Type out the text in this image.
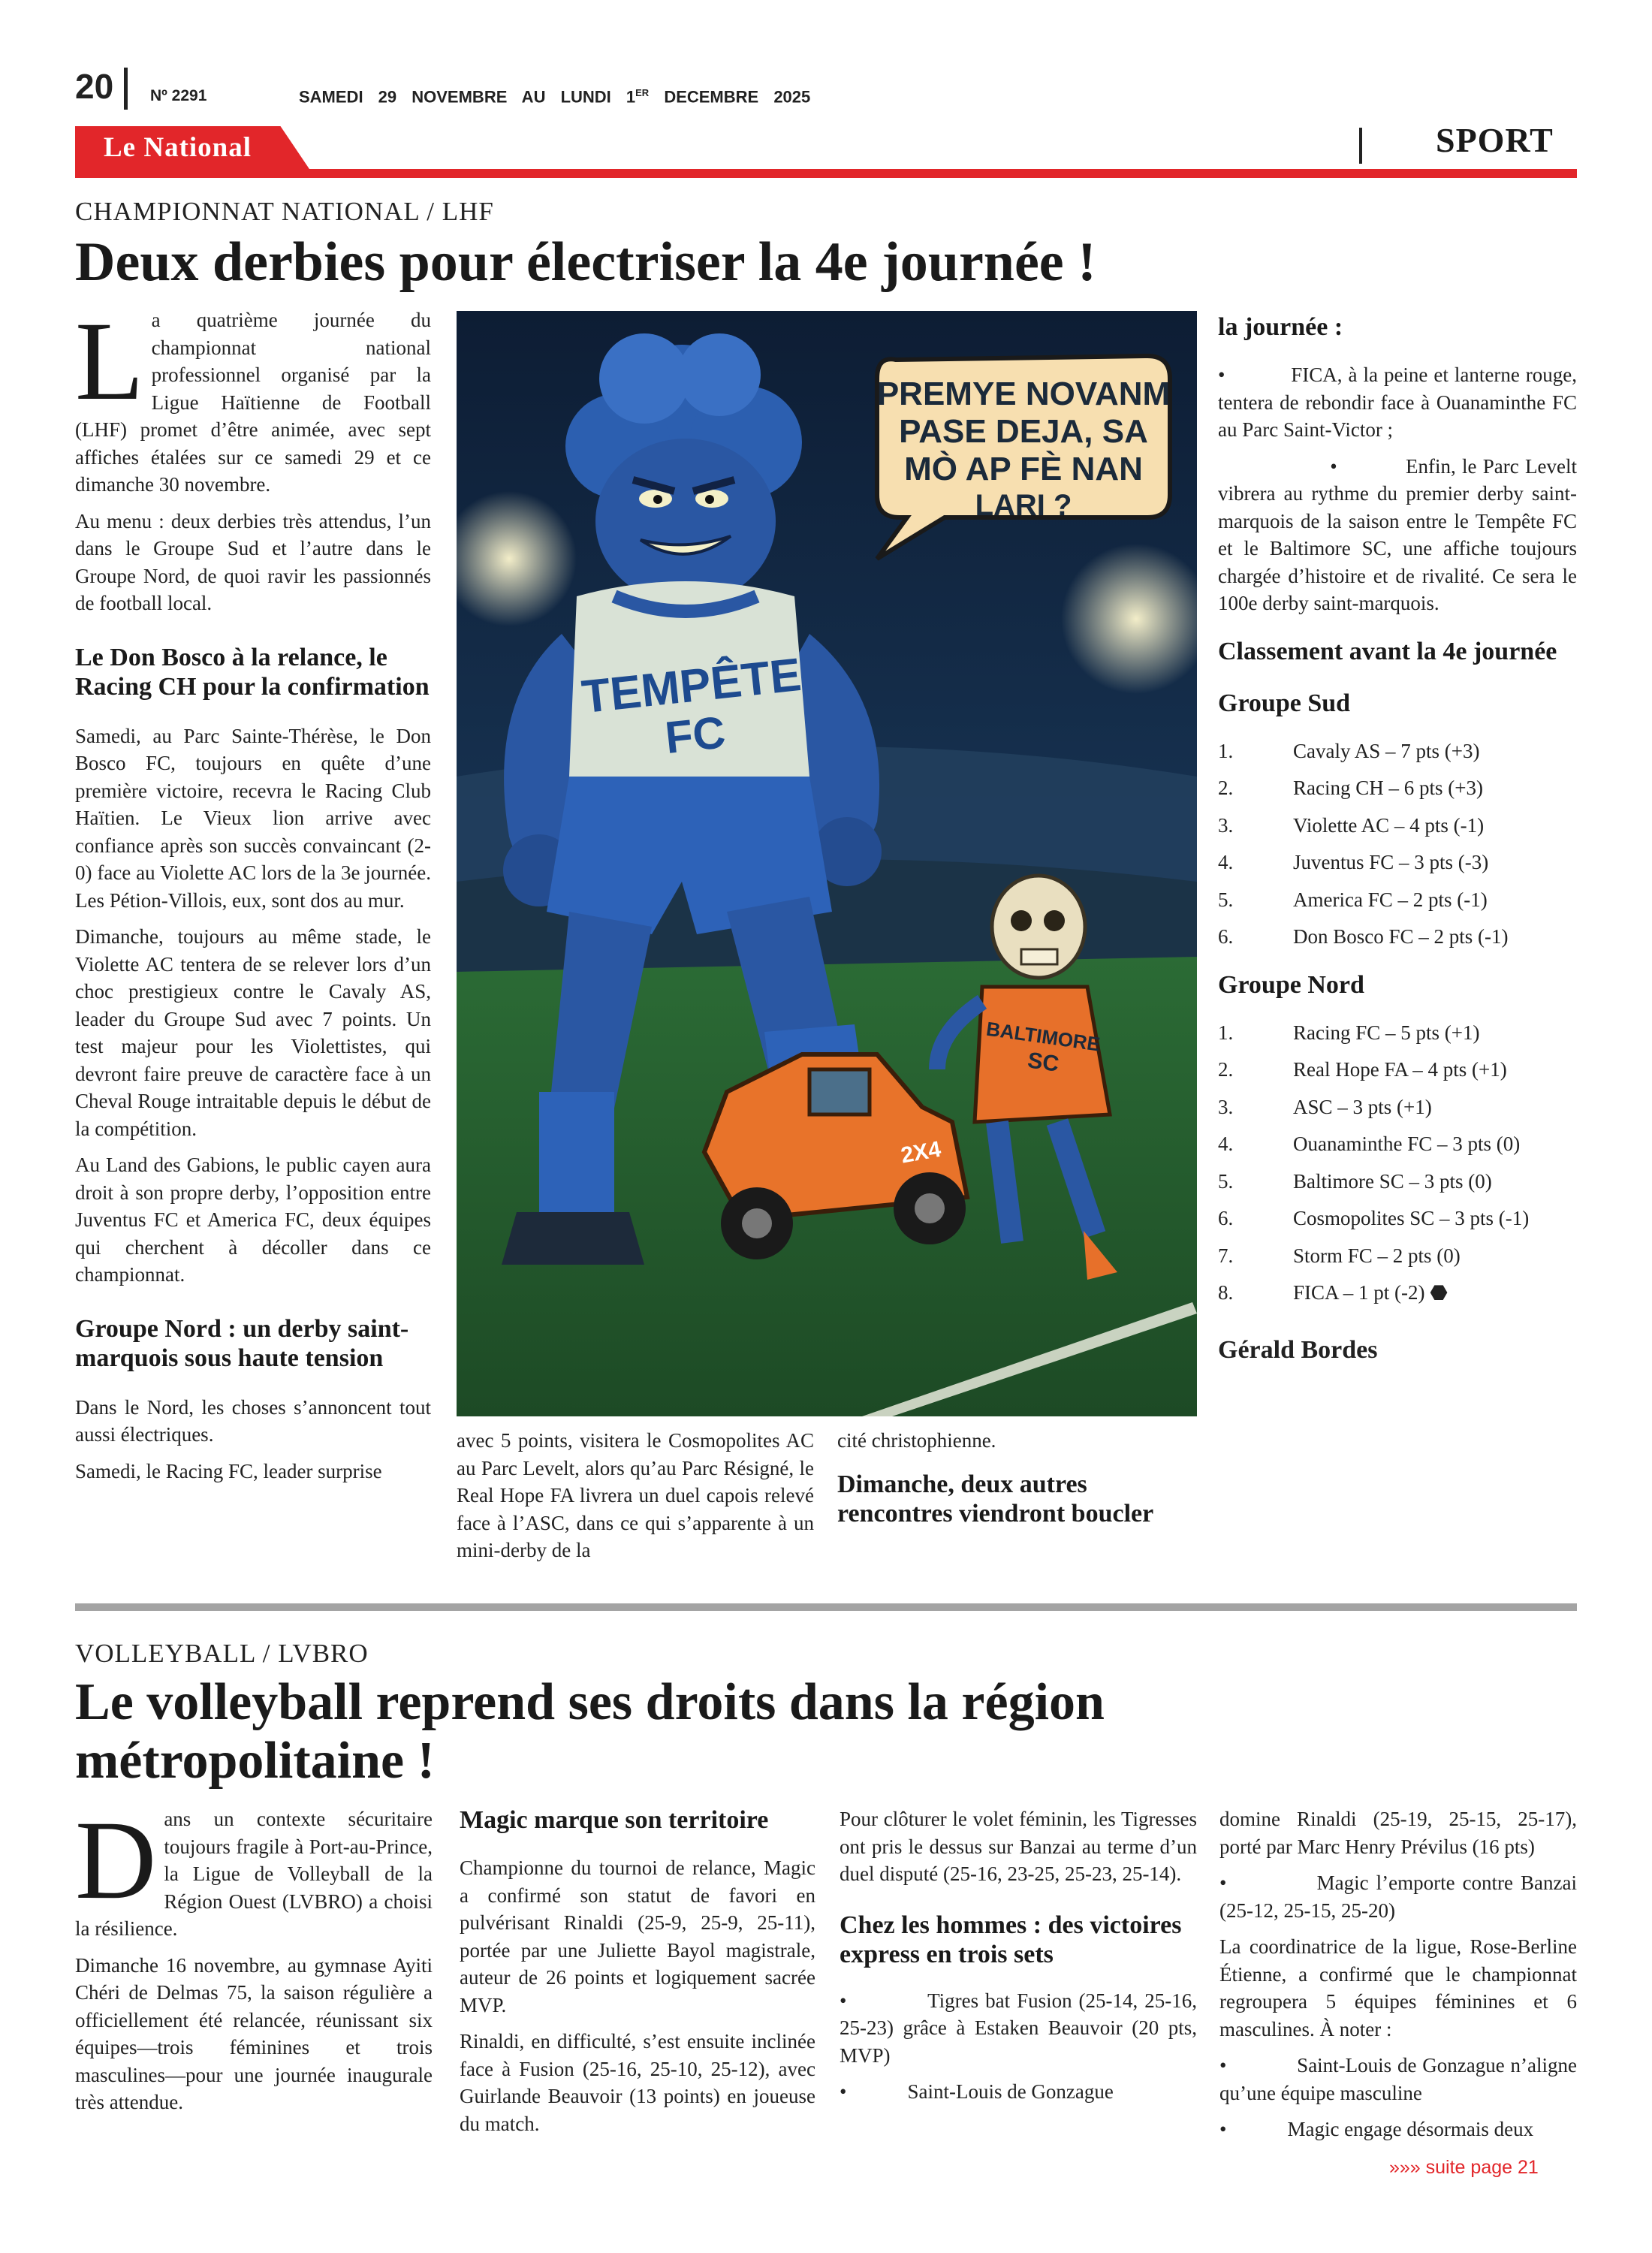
20 Nº 2291	SAMEDI 29 NOVEMBRE AU LUNDI 1ER DECEMBRE 2025
Le National	SPORT
CHAMPIONNAT NATIONAL / LHF
Deux derbies pour électriser la 4e journée !

La quatrième journée du championnat national professionnel organisé par la Ligue Haïtienne de Football (LHF) promet d’être animée, avec sept affiches étalées sur ce samedi 29 et ce dimanche 30 novembre.

Au menu : deux derbies très attendus, l’un dans le Groupe Sud et l’autre dans le Groupe Nord, de quoi ravir les passionnés de football local.

Le Don Bosco à la relance, le Racing CH pour la confirmation

Samedi, au Parc Sainte-Thérèse, le Don Bosco FC, toujours en quête d’une première victoire, recevra le Racing Club Haïtien. Le Vieux lion arrive avec confiance après son succès convaincant (2-0) face au Violette AC lors de la 3e journée. Les Pétion-Villois, eux, sont dos au mur.

Dimanche, toujours au même stade, le Violette AC tentera de se relever lors d’un choc prestigieux contre le Cavaly AS, leader du Groupe Sud avec 7 points. Un test majeur pour les Violettistes, qui devront faire preuve de caractère face à un Cheval Rouge intraitable depuis le début de la compétition.

Au Land des Gabions, le public cayen aura droit à son propre derby, l’opposition entre Juventus FC et America FC, deux équipes qui cherchent à décoller dans ce championnat.

Groupe Nord : un derby saint-marquois sous haute tension

Dans le Nord, les choses s’annoncent tout aussi électriques.

Samedi, le Racing FC, leader surprise

PREMYE NOVANM
PASE DEJA, SA
MÒ AP FÈ NAN
LARI ?
TEMPÊTE
FC
2X4
BALTIMORE
SC

avec 5 points, visitera le Cosmopolites AC au Parc Levelt, alors qu’au Parc Résigné, le Real Hope FA livrera un duel capois relevé face à l’ASC, dans ce qui s’apparente à un mini-derby de la

cité christophienne.

Dimanche, deux autres rencontres viendront boucler
la journée :

•	FICA, à la peine et lanterne rouge, tentera de rebondir face à Ouanaminthe FC au Parc Saint-Victor ;

•	Enfin, le Parc Levelt vibrera au rythme du premier derby saint-marquois de la saison entre le Tempête FC et le Baltimore SC, une affiche toujours chargée d’histoire et de rivalité. Ce sera le 100e derby saint-marquois.

Classement avant la 4e journée
Groupe Sud
1.	Cavaly AS – 7 pts (+3)
2.	Racing CH – 6 pts (+3)
3.	Violette AC – 4 pts (-1)
4.	Juventus FC – 3 pts (-3)
5.	America FC – 2 pts (-1)
6.	Don Bosco FC – 2 pts (-1)
Groupe Nord
1.	Racing FC – 5 pts (+1)
2.	Real Hope FA – 4 pts (+1)
3.	ASC – 3 pts (+1)
4.	Ouanaminthe FC – 3 pts (0)
5.	Baltimore SC – 3 pts (0)
6.	Cosmopolites SC – 3 pts (-1)
7.	Storm FC – 2 pts (0)
8.	FICA – 1 pt (-2)
⬣
Gérald Bordes
VOLLEYBALL / LVBRO
Le volleyball reprend ses droits dans la région
métropolitaine !

Dans un contexte sécuritaire toujours fragile à Port-au-Prince, la Ligue de Volleyball de la Région Ouest (LVBRO) a choisi la résilience.

Dimanche 16 novembre, au gymnase Ayiti Chéri de Delmas 75, la saison régulière a officiellement été relancée, réunissant six équipes—trois féminines et trois masculines—pour une journée inaugurale très attendue.

Magic marque son territoire

Championne du tournoi de relance, Magic a confirmé son statut de favori en pulvérisant Rinaldi (25-9, 25-9, 25-11), portée par une Juliette Bayol magistrale, auteur de 26 points et logiquement sacrée MVP.

Rinaldi, en difficulté, s’est ensuite inclinée face à Fusion (25-16, 25-10, 25-12), avec Guirlande Beauvoir (13 points) en joueuse du match.

Pour clôturer le volet féminin, les Tigresses ont pris le dessus sur Banzai au terme d’un duel disputé (25-16, 23-25, 25-23, 25-14).

Chez les hommes : des victoires express en trois sets

•	Tigres bat Fusion (25-14, 25-16, 25-23) grâce à Estaken Beauvoir (20 pts, MVP)

•	Saint-Louis de Gonzague

domine Rinaldi (25-19, 25-15, 25-17), porté par Marc Henry Prévilus (16 pts)

•	Magic l’emporte contre Banzai (25-12, 25-15, 25-20)

La coordinatrice de la ligue, Rose-Berline Étienne, a confirmé que le championnat regroupera 5 équipes féminines et 6 masculines. À noter :

•	Saint-Louis de Gonzague n’aligne qu’une équipe masculine

•	Magic engage désormais deux

»»» suite page 21
